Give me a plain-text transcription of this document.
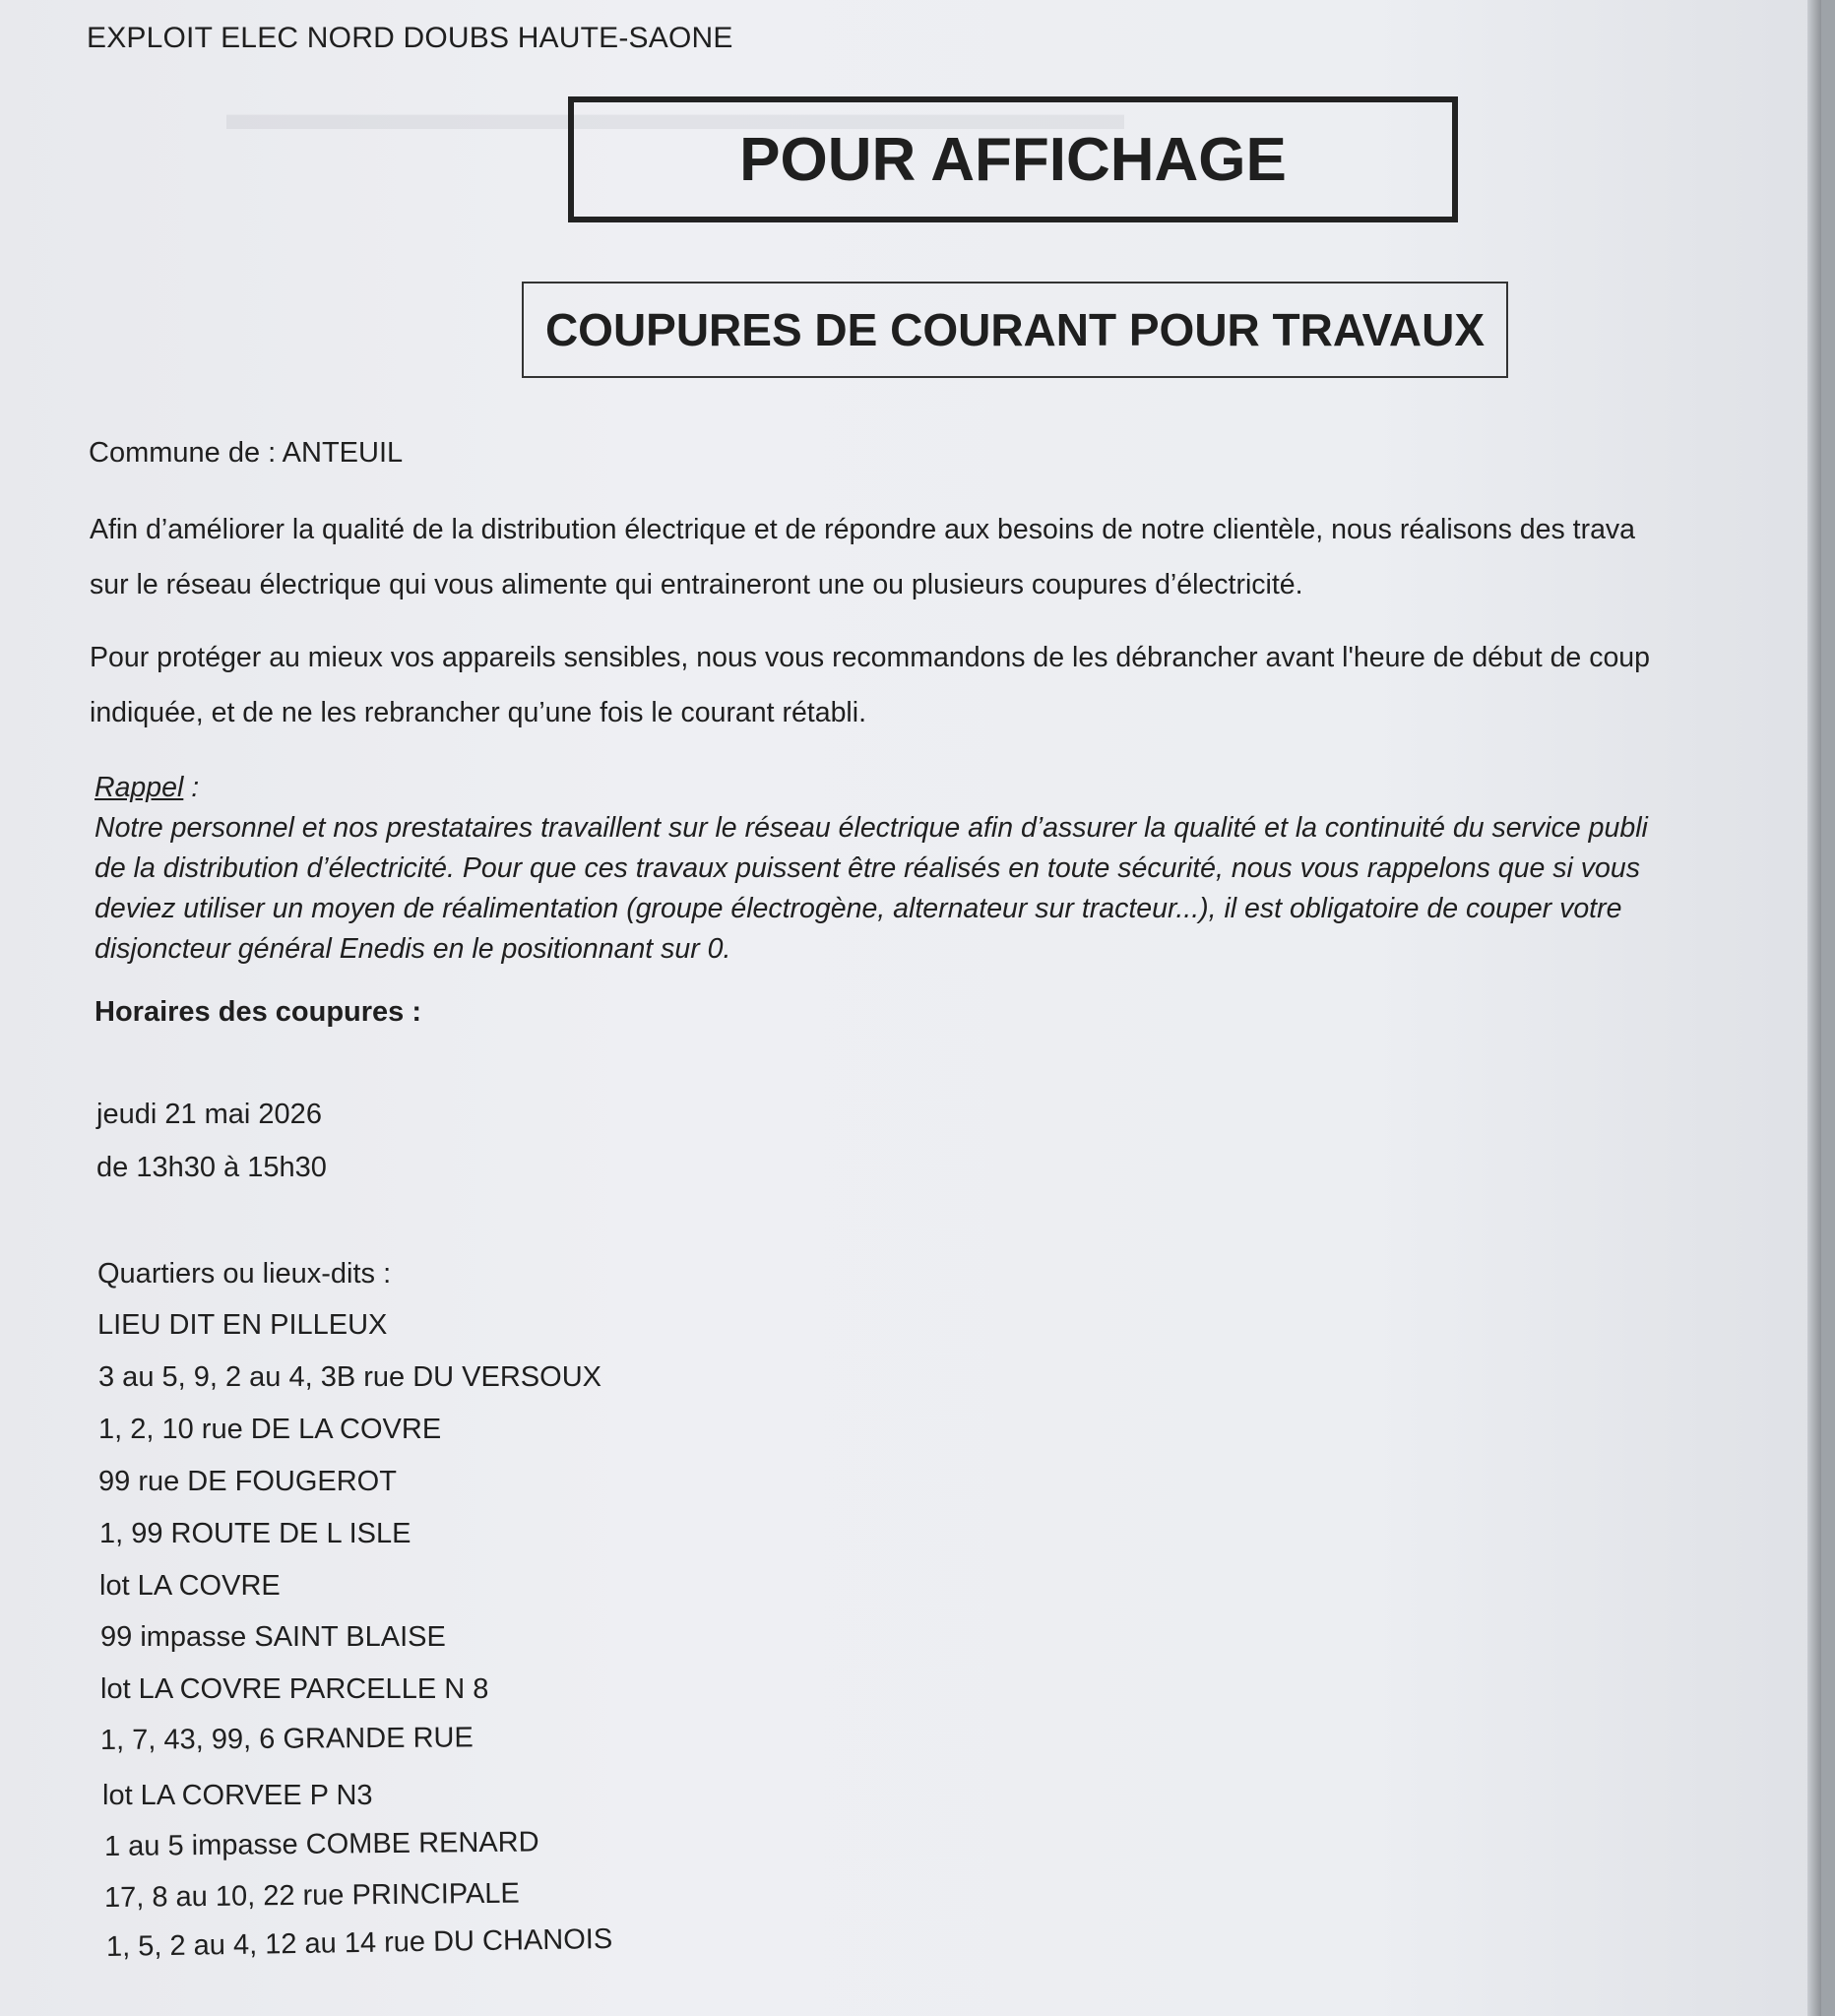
▬▬▬▬▬▬▬▬▬▬▬▬▬▬▬▬▬▬▬
EXPLOIT ELEC NORD DOUBS HAUTE-SAONE
POUR AFFICHAGE
COUPURES DE COURANT POUR TRAVAUX
Commune de : ANTEUIL
Afin d’améliorer la qualité de la distribution électrique et de répondre aux besoins de notre clientèle, nous réalisons des trava
sur le réseau électrique qui vous alimente qui entraineront une ou plusieurs coupures d’électricité.
Pour protéger au mieux vos appareils sensibles, nous vous recommandons de les débrancher avant l'heure de début de coup
indiquée, et de ne les rebrancher qu’une fois le courant rétabli.
Rappel :
Notre personnel et nos prestataires travaillent sur le réseau électrique afin d’assurer la qualité et la continuité du service publi
de la distribution d’électricité. Pour que ces travaux puissent être réalisés en toute sécurité, nous vous rappelons que si vous
deviez utiliser un moyen de réalimentation (groupe électrogène, alternateur sur tracteur...), il est obligatoire de couper votre
disjoncteur général Enedis en le positionnant sur 0.
Horaires des coupures :
jeudi 21 mai 2026
de 13h30 à 15h30
Quartiers ou lieux-dits :
LIEU DIT EN PILLEUX
3 au 5, 9, 2 au 4, 3B rue DU VERSOUX
1, 2, 10 rue DE LA COVRE
99 rue DE FOUGEROT
1, 99 ROUTE DE L ISLE
lot LA COVRE
99 impasse SAINT BLAISE
lot LA COVRE PARCELLE N 8
1, 7, 43, 99, 6 GRANDE RUE
lot LA CORVEE P N3
1 au 5 impasse COMBE RENARD
17, 8 au 10, 22 rue PRINCIPALE
1, 5, 2 au 4, 12 au 14 rue DU CHANOIS
